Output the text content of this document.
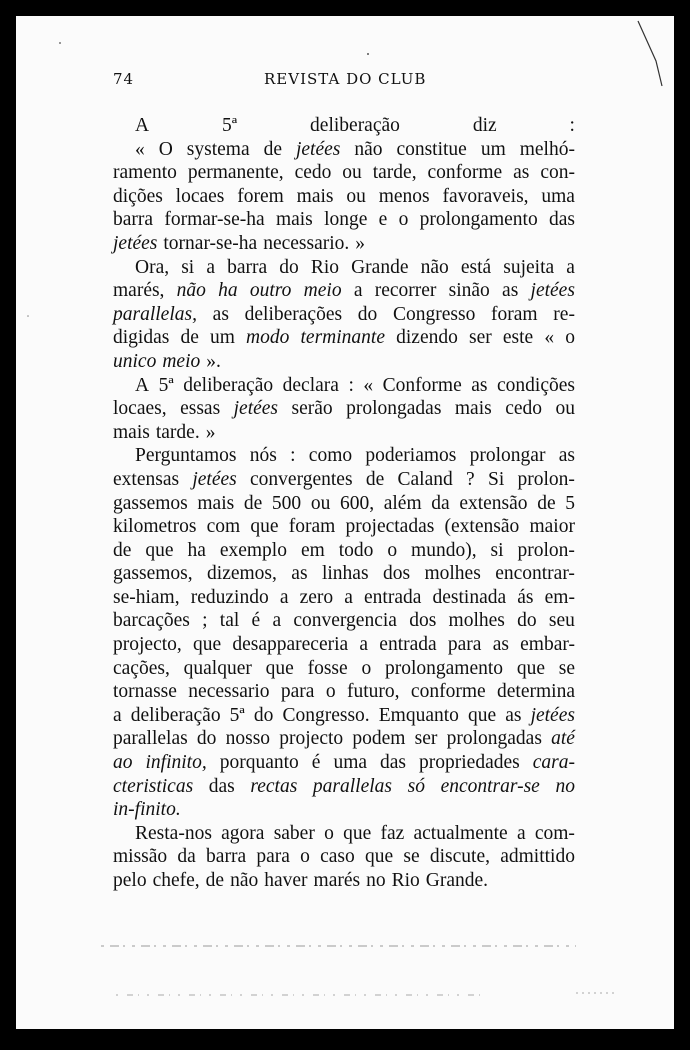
74	REVISTA DO CLUB
A	5ª	deliberação	diz	:
« O systema de jetées não constitue um melhó-
ramento permanente, cedo ou tarde, conforme as con-
dições locaes forem mais ou menos favoraveis, uma
barra formar-se-ha mais longe e o prolongamento das
jetées tornar-se-ha necessario. »
Ora, si a barra do Rio Grande não está sujeita a
marés, não ha outro meio a recorrer sinão as jetées
parallelas, as deliberações do Congresso foram re-
digidas de um modo terminante dizendo ser este « o
unico meio ».
A 5ª deliberação declara : « Conforme as condições
locaes, essas jetées serão prolongadas mais cedo ou
mais tarde. »
Perguntamos nós : como poderiamos prolongar as
extensas jetées convergentes de Caland ? Si prolon-
gassemos mais de 500 ou 600, além da extensão de 5
kilometros com que foram projectadas (extensão maior
de que ha exemplo em todo o mundo), si prolon-
gassemos, dizemos, as linhas dos molhes encontrar-
se-hiam, reduzindo a zero a entrada destinada ás em-
barcações ; tal é a convergencia dos molhes do seu
projecto, que desappareceria a entrada para as embar-
cações, qualquer que fosse o prolongamento que se
tornasse necessario para o futuro, conforme determina
a deliberação 5ª do Congresso. Emquanto que as jetées
parallelas do nosso projecto podem ser prolongadas até
ao infinito, porquanto é uma das propriedades cara-
cteristicas das rectas parallelas só encontrar-se no
in-finito.
Resta-nos agora saber o que faz actualmente a com-
missão da barra para o caso que se discute, admittido
pelo chefe, de não haver marés no Rio Grande.
